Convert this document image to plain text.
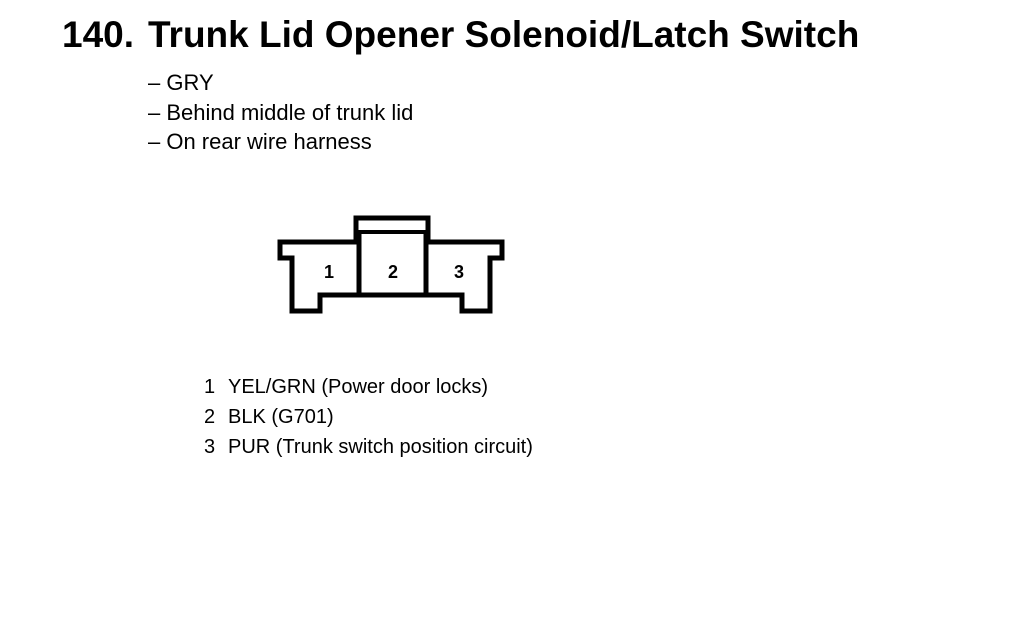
140. Trunk Lid Opener Solenoid/Latch Switch
– GRY
– Behind middle of trunk lid
– On rear wire harness
1	2	3
1 YEL/GRN (Power door locks)
2 BLK (G701)
3 PUR (Trunk switch position circuit)
